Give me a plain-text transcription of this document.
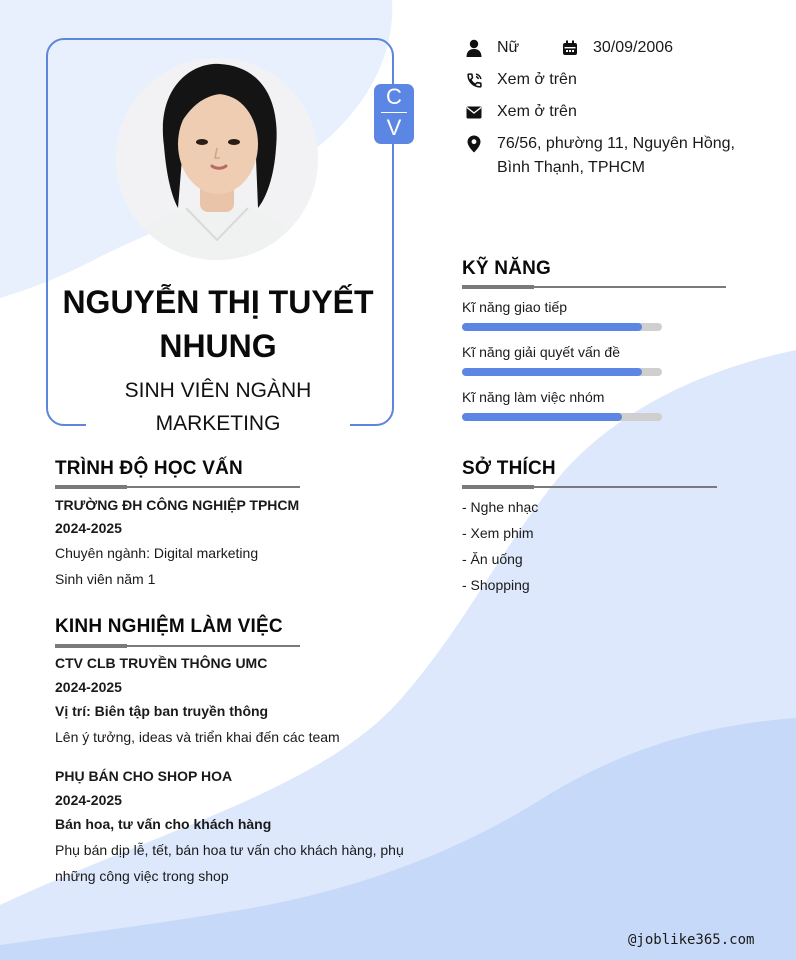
C
V
NGUYỄN THỊ TUYẾT
NHUNG
SINH VIÊN NGÀNH
MARKETING
Nữ	30/09/2006
Xem ở trên
Xem ở trên
76/56, phường 11, Nguyên Hồng,
Bình Thạnh, TPHCM
KỸ NĂNG
Kĩ năng giao tiếp
Kĩ năng giải quyết vấn đề
Kĩ năng làm việc nhóm
SỞ THÍCH
- Nghe nhạc
- Xem phim
- Ăn uống
- Shopping
TRÌNH ĐỘ HỌC VẤN
TRƯỜNG ĐH CÔNG NGHIỆP TPHCM
2024-2025
Chuyên ngành: Digital marketing
Sinh viên năm 1
KINH NGHIỆM LÀM VIỆC
CTV CLB TRUYỀN THÔNG UMC
2024-2025
Vị trí: Biên tập ban truyền thông
Lên ý tưởng, ideas và triển khai đến các team
PHỤ BÁN CHO SHOP HOA
2024-2025
Bán hoa, tư vấn cho khách hàng
Phụ bán dịp lễ, tết, bán hoa tư vấn cho khách hàng, phụ
những công việc trong shop
@joblike365.com
